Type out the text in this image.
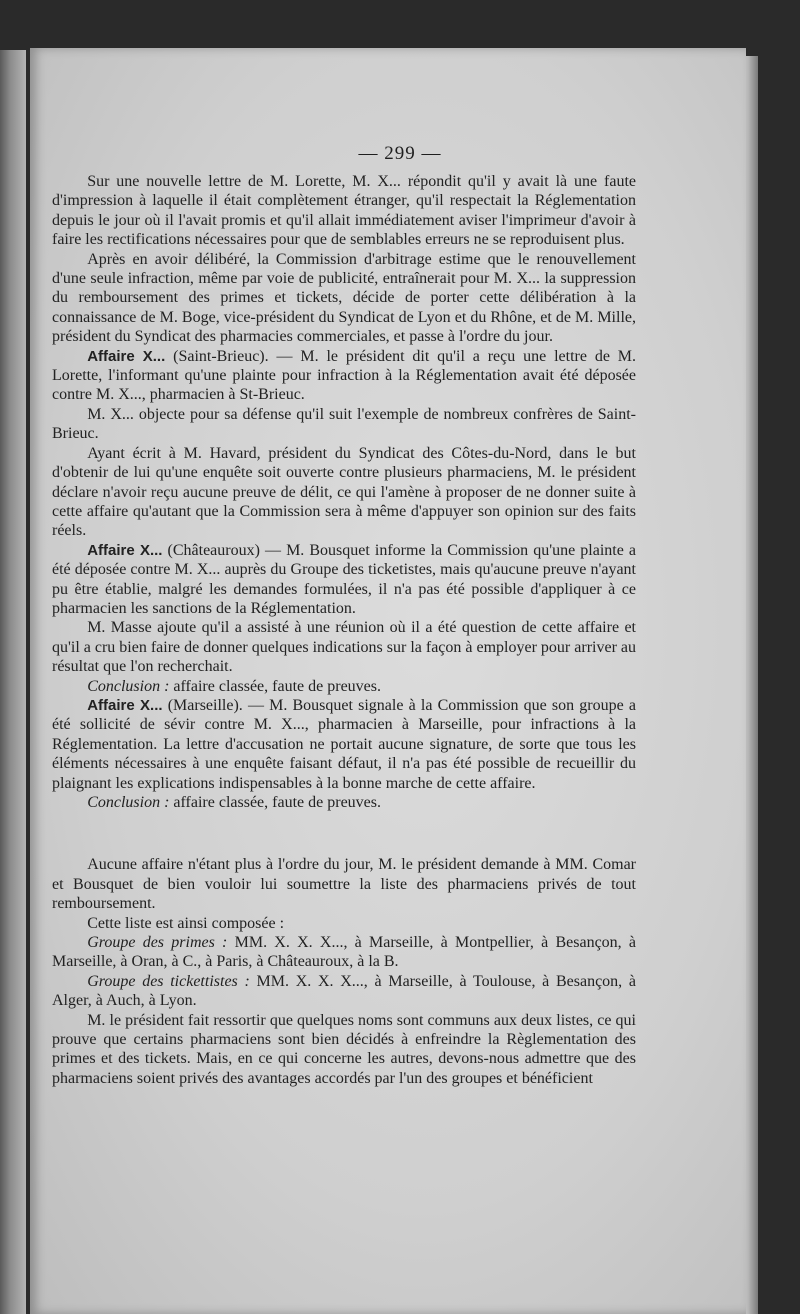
— 299 —

Sur une nouvelle lettre de M. Lorette, M. X... répondit qu'il y avait là une faute d'impression à laquelle il était complètement étranger, qu'il respectait la Réglementation depuis le jour où il l'avait promis et qu'il allait immédiatement aviser l'imprimeur d'avoir à faire les rectifications nécessaires pour que de semblables erreurs ne se reproduisent plus.

Après en avoir délibéré, la Commission d'arbitrage estime que le renouvellement d'une seule infraction, même par voie de publicité, entraînerait pour M. X... la suppression du remboursement des primes et tickets, décide de porter cette délibération à la connaissance de M. Boge, vice-président du Syndicat de Lyon et du Rhône, et de M. Mille, président du Syndicat des pharmacies commerciales, et passe à l'ordre du jour.

Affaire X... (Saint-Brieuc). — M. le président dit qu'il a reçu une lettre de M. Lorette, l'informant qu'une plainte pour infraction à la Réglementation avait été déposée contre M. X..., pharmacien à St-Brieuc.

M. X... objecte pour sa défense qu'il suit l'exemple de nombreux confrères de Saint-Brieuc.

Ayant écrit à M. Havard, président du Syndicat des Côtes-du-Nord, dans le but d'obtenir de lui qu'une enquête soit ouverte contre plusieurs pharmaciens, M. le président déclare n'avoir reçu aucune preuve de délit, ce qui l'amène à proposer de ne donner suite à cette affaire qu'autant que la Commission sera à même d'appuyer son opinion sur des faits réels.

Affaire X... (Châteauroux) — M. Bousquet informe la Commission qu'une plainte a été déposée contre M. X... auprès du Groupe des ticketistes, mais qu'aucune preuve n'ayant pu être établie, malgré les demandes formulées, il n'a pas été possible d'appliquer à ce pharmacien les sanctions de la Réglementation.

M. Masse ajoute qu'il a assisté à une réunion où il a été question de cette affaire et qu'il a cru bien faire de donner quelques indications sur la façon à employer pour arriver au résultat que l'on recherchait.

Conclusion : affaire classée, faute de preuves.

Affaire X... (Marseille). — M. Bousquet signale à la Commission que son groupe a été sollicité de sévir contre M. X..., pharmacien à Marseille, pour infractions à la Réglementation. La lettre d'accusation ne portait aucune signature, de sorte que tous les éléments nécessaires à une enquête faisant défaut, il n'a pas été possible de recueillir du plaignant les explications indispensables à la bonne marche de cette affaire.

Conclusion : affaire classée, faute de preuves.

Aucune affaire n'étant plus à l'ordre du jour, M. le président demande à MM. Comar et Bousquet de bien vouloir lui soumettre la liste des pharmaciens privés de tout remboursement.

Cette liste est ainsi composée :

Groupe des primes : MM. X. X. X..., à Marseille, à Montpellier, à Besançon, à Marseille, à Oran, à C., à Paris, à Châteauroux, à la B.

Groupe des tickettistes : MM. X. X. X..., à Marseille, à Toulouse, à Besançon, à Alger, à Auch, à Lyon.

M. le président fait ressortir que quelques noms sont communs aux deux listes, ce qui prouve que certains pharmaciens sont bien décidés à enfreindre la Règlementation des primes et des tickets. Mais, en ce qui concerne les autres, devons-nous admettre que des pharmaciens soient privés des avantages accordés par l'un des groupes et bénéficient
